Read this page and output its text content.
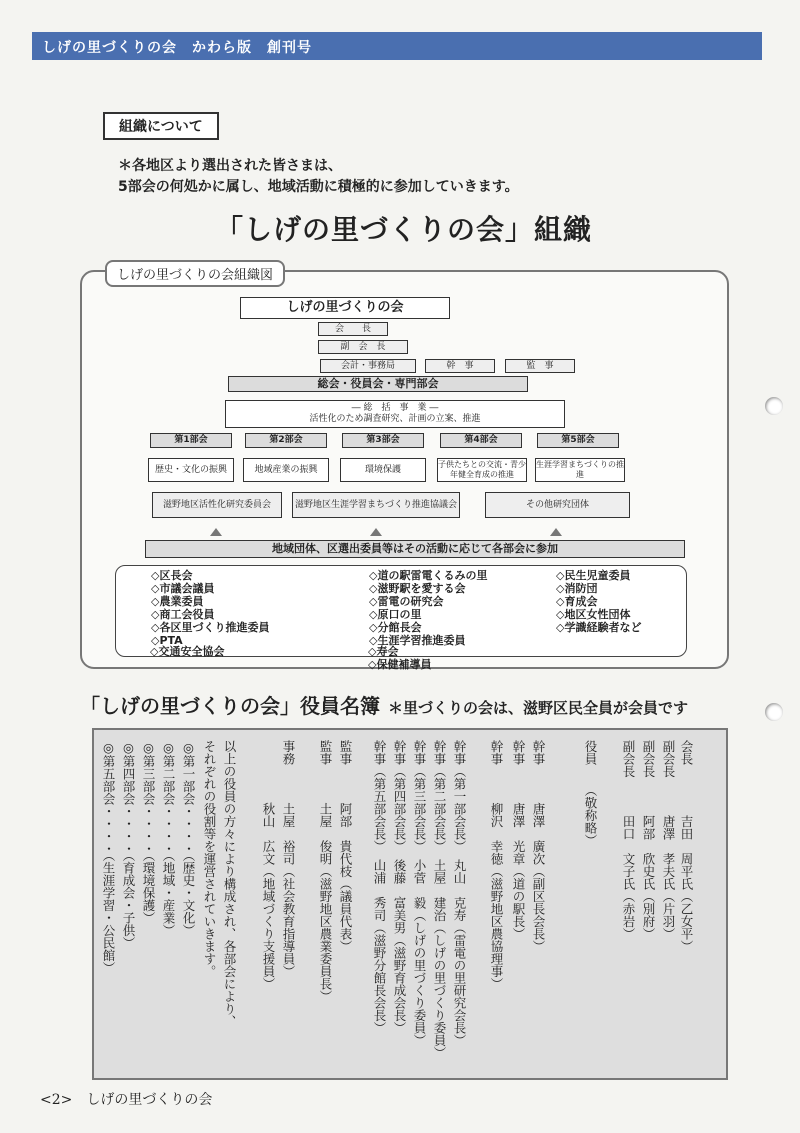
しげの里づくりの会　かわら版　創刊号
組織について
＊各地区より選出された皆さまは、
5部会の何処かに属し、地域活動に積極的に参加していきます。
「しげの里づくりの会」組織
しげの里づくりの会組織図
しげの里づくりの会
会　　長
副　会　長
会計・事務局	幹　事	監　事
総会・役員会・専門部会
― 総　括　事　業 ―
活性化のため調査研究、計画の立案、推進
第1部会	第2部会	第3部会	第4部会	第5部会
歴史・文化の振興	地域産業の振興	環境保護	子供たちとの交流・青少年健全育成の推進
生涯学習まちづくりの推進
滋野地区活性化研究委員会	滋野地区生涯学習まちづくり推進協議会	その他研究団体
地域団体、区選出委員等はその活動に応じて各部会に参加
◇区長会
◇市議会議員
◇農業委員
◇商工会役員
◇各区里づくり推進委員
◇PTA
◇道の駅雷電くるみの里
◇滋野駅を愛する会
◇雷電の研究会
◇原口の里
◇分館長会
◇生涯学習推進委員
◇民生児童委員
◇消防団
◇育成会
◇地区女性団体
◇学識経験者など
◇交通安全協会	◇寿会
◇保健補導員
「しげの里づくりの会」役員名簿 ＊里づくりの会は、滋野区民全員が会員です
会長　　　　吉田　周平氏（乙女平）
副会長　　　唐澤　孝夫氏（片羽）
副会長　　　阿部　欣史氏（別府）
副会長　　　田口　文子氏（赤岩）
役員　　（敬称略）
幹事　　　唐澤　廣次（副区長会長）
幹事　　　唐澤　光章（道の駅長）
幹事　　　柳沢　幸徳（滋野地区農協理事）
幹事（第一部会長）　丸山　克寿（雷電の里研究会長）
幹事（第二部会長）　土屋　建治（しげの里づくり委員）
幹事（第三部会長）　小菅　毅（しげの里づくり委員）
幹事（第四部会長）　後藤　富美男（滋野育成会長）
幹事（第五部会長）　山浦　秀司（滋野分館長会長）
監事　　　阿部　貴代枝（議員代表）
監事　　　土屋　俊明（滋野地区農業委員長）
事務　　　土屋　裕司（社会教育指導員）
　　　　　秋山　広文（地域づくり支援員）
以上の役員の方々により構成され、各部会により、
それぞれの役割等を運営されていきます。
◎第一部会・・・・（歴史・文化）
◎第二部会・・・・（地域・産業）
◎第三部会・・・・（環境保護）
◎第四部会・・・・（育成会・子供）
◎第五部会・・・・（生涯学習・公民館）
<2>　しげの里づくりの会
